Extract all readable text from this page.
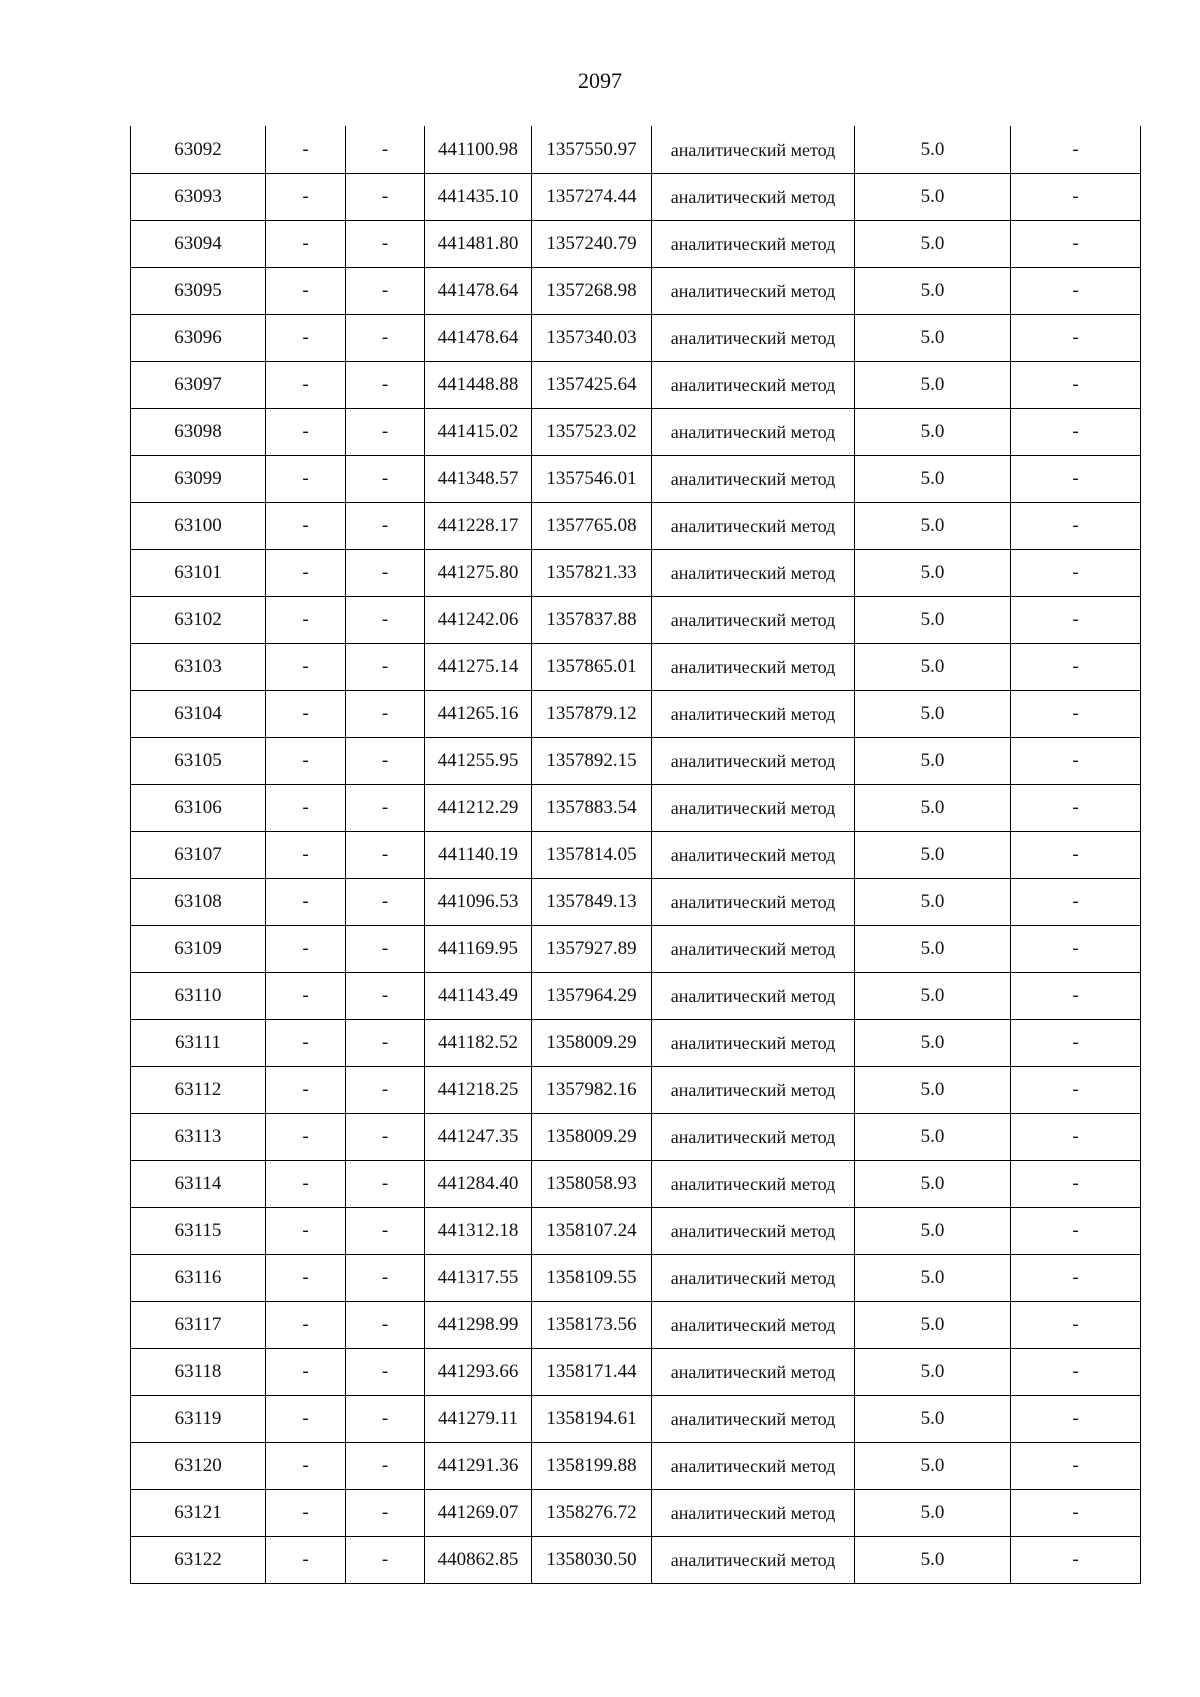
2097
63092	-	-	441100.98	1357550.97	аналитический метод	5.0	-
63093	-	-	441435.10	1357274.44	аналитический метод	5.0	-
63094	-	-	441481.80	1357240.79	аналитический метод	5.0	-
63095	-	-	441478.64	1357268.98	аналитический метод	5.0	-
63096	-	-	441478.64	1357340.03	аналитический метод	5.0	-
63097	-	-	441448.88	1357425.64	аналитический метод	5.0	-
63098	-	-	441415.02	1357523.02	аналитический метод	5.0	-
63099	-	-	441348.57	1357546.01	аналитический метод	5.0	-
63100	-	-	441228.17	1357765.08	аналитический метод	5.0	-
63101	-	-	441275.80	1357821.33	аналитический метод	5.0	-
63102	-	-	441242.06	1357837.88	аналитический метод	5.0	-
63103	-	-	441275.14	1357865.01	аналитический метод	5.0	-
63104	-	-	441265.16	1357879.12	аналитический метод	5.0	-
63105	-	-	441255.95	1357892.15	аналитический метод	5.0	-
63106	-	-	441212.29	1357883.54	аналитический метод	5.0	-
63107	-	-	441140.19	1357814.05	аналитический метод	5.0	-
63108	-	-	441096.53	1357849.13	аналитический метод	5.0	-
63109	-	-	441169.95	1357927.89	аналитический метод	5.0	-
63110	-	-	441143.49	1357964.29	аналитический метод	5.0	-
63111	-	-	441182.52	1358009.29	аналитический метод	5.0	-
63112	-	-	441218.25	1357982.16	аналитический метод	5.0	-
63113	-	-	441247.35	1358009.29	аналитический метод	5.0	-
63114	-	-	441284.40	1358058.93	аналитический метод	5.0	-
63115	-	-	441312.18	1358107.24	аналитический метод	5.0	-
63116	-	-	441317.55	1358109.55	аналитический метод	5.0	-
63117	-	-	441298.99	1358173.56	аналитический метод	5.0	-
63118	-	-	441293.66	1358171.44	аналитический метод	5.0	-
63119	-	-	441279.11	1358194.61	аналитический метод	5.0	-
63120	-	-	441291.36	1358199.88	аналитический метод	5.0	-
63121	-	-	441269.07	1358276.72	аналитический метод	5.0	-
63122	-	-	440862.85	1358030.50	аналитический метод	5.0	-
